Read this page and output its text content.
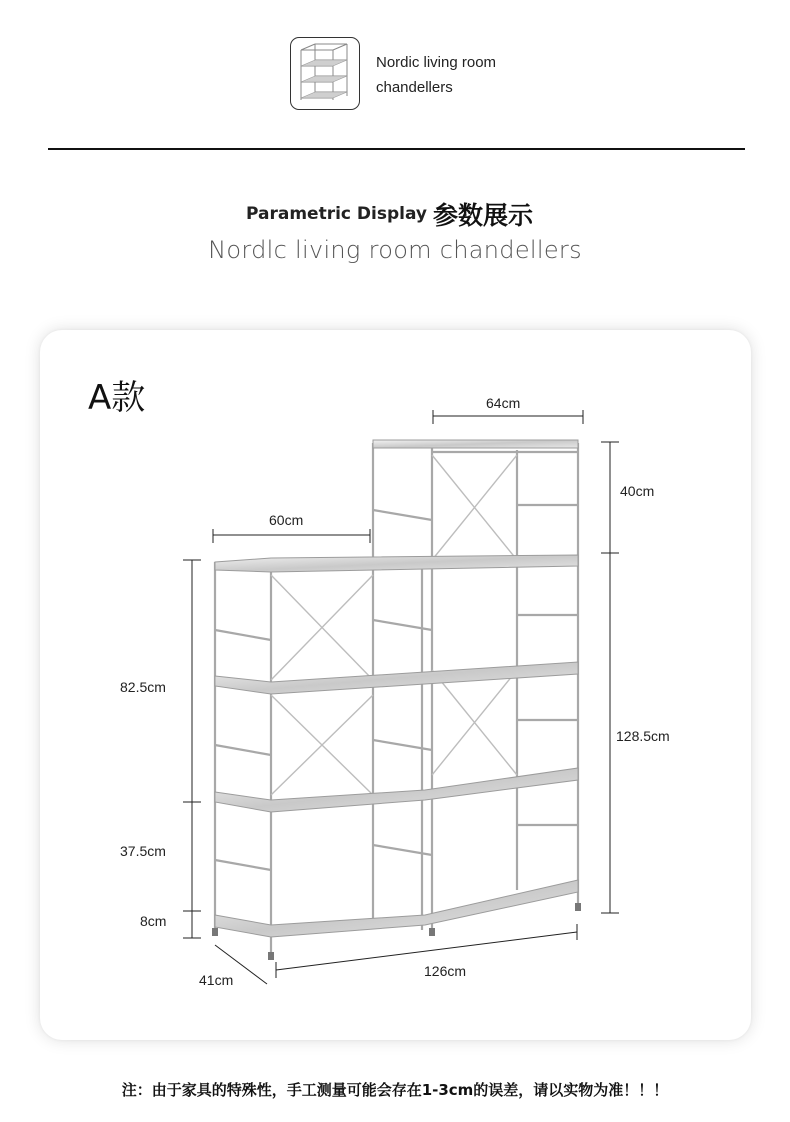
Nordic living room
chandellers
Parametric Display 参数展示
Nordlc living room chandellers
A款	64cm
40cm
60cm
82.5cm
128.5cm
37.5cm
8cm
41cm
126cm
注：由于家具的特殊性，手工测量可能会存在1-3cm的误差，请以实物为准！！！
